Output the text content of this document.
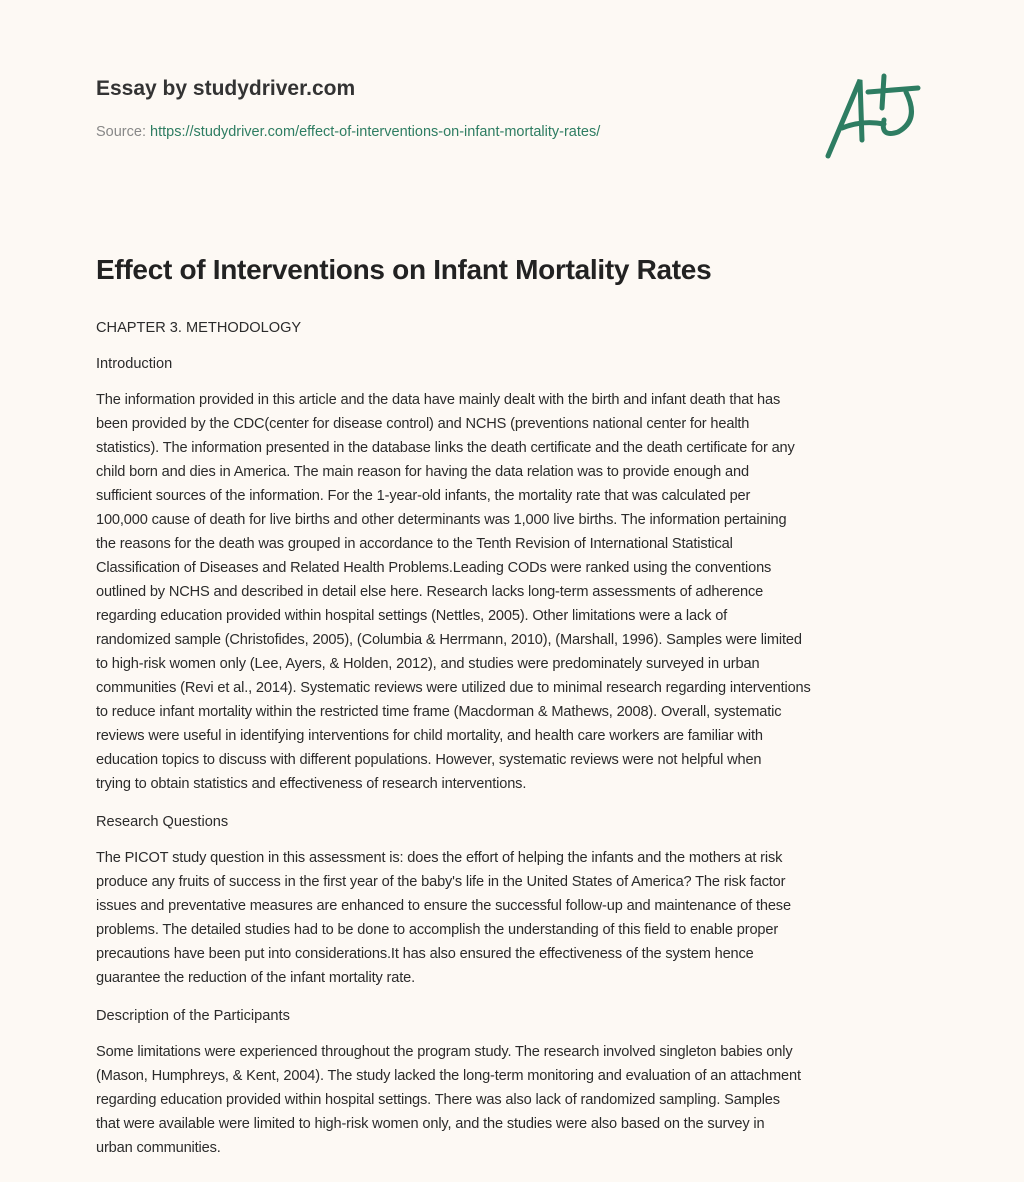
Essay by studydriver.com
Source: https://studydriver.com/effect-of-interventions-on-infant-mortality-rates/
Effect of Interventions on Infant Mortality Rates
CHAPTER 3. METHODOLOGY
Introduction
The information provided in this article and the data have mainly dealt with the birth and infant death that has
been provided by the CDC(center for disease control) and NCHS (preventions national center for health
statistics). The information presented in the database links the death certificate and the death certificate for any
child born and dies in America. The main reason for having the data relation was to provide enough and
sufficient sources of the information. For the 1-year-old infants, the mortality rate that was calculated per
100,000 cause of death for live births and other determinants was 1,000 live births. The information pertaining
the reasons for the death was grouped in accordance to the Tenth Revision of International Statistical
Classification of Diseases and Related Health Problems.Leading CODs were ranked using the conventions
outlined by NCHS and described in detail else here. Research lacks long-term assessments of adherence
regarding education provided within hospital settings (Nettles, 2005). Other limitations were a lack of
randomized sample (Christofides, 2005), (Columbia & Herrmann, 2010), (Marshall, 1996). Samples were limited
to high-risk women only (Lee, Ayers, & Holden, 2012), and studies were predominately surveyed in urban
communities (Revi et al., 2014). Systematic reviews were utilized due to minimal research regarding interventions
to reduce infant mortality within the restricted time frame (Macdorman & Mathews, 2008). Overall, systematic
reviews were useful in identifying interventions for child mortality, and health care workers are familiar with
education topics to discuss with different populations. However, systematic reviews were not helpful when
trying to obtain statistics and effectiveness of research interventions.
Research Questions
The PICOT study question in this assessment is: does the effort of helping the infants and the mothers at risk
produce any fruits of success in the first year of the baby's life in the United States of America? The risk factor
issues and preventative measures are enhanced to ensure the successful follow-up and maintenance of these
problems. The detailed studies had to be done to accomplish the understanding of this field to enable proper
precautions have been put into considerations.It has also ensured the effectiveness of the system hence
guarantee the reduction of the infant mortality rate.
Description of the Participants
Some limitations were experienced throughout the program study. The research involved singleton babies only
(Mason, Humphreys, & Kent, 2004). The study lacked the long-term monitoring and evaluation of an attachment
regarding education provided within hospital settings. There was also lack of randomized sampling. Samples
that were available were limited to high-risk women only, and the studies were also based on the survey in
urban communities.
